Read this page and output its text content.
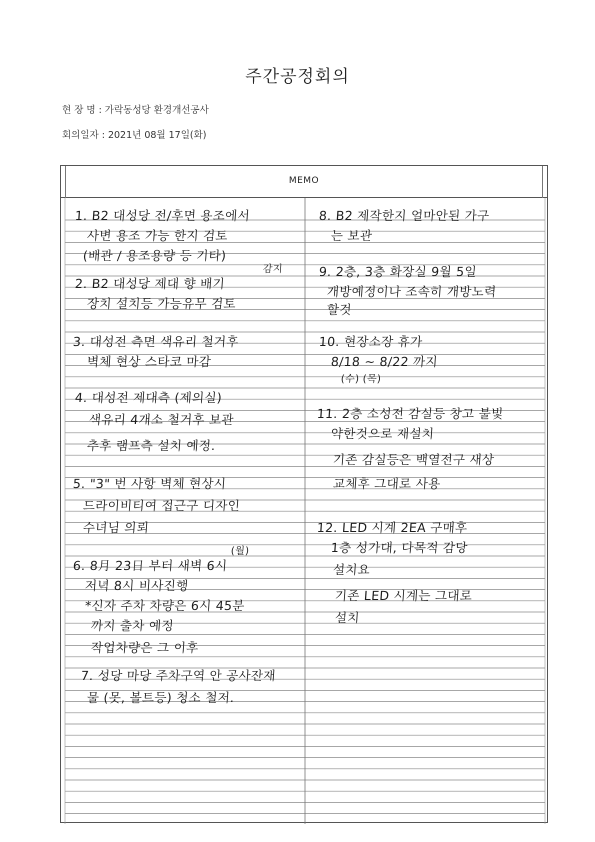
주간공정회의
현 장 명 : 가락동성당 환경개선공사
회의일자 : 2021년 08월 17일(화)
MEMO
1. B2 대성당 전/후면 용조에서
사변 용조 가능 한지 검토
(배관 / 용조용량 등 기타)
감지
2. B2 대성당 제대 향 배기
장치 설치등 가능유무 검토
3. 대성전 측면 색유리 철거후
벽체 현상 스타코 마감
4. 대성전 제대측 (제의실)
색유리 4개소 철거후 보관
추후 램프측 설치 예정.
5. "3" 번 사항 벽체 현상시
드라이비티여 접근구 디자인
수녀님 의뢰
(월)
6. 8月 23日 부터 새벽 6시
저녁 8시 비사진행
*신자 주차 차량은 6시 45분
까지 출차 예정
작업차량은 그 이후
7. 성당 마당 주차구역 안 공사잔재
물 (못, 볼트등) 청소 철저.
8. B2 제작한지 얼마안된 가구
는 보관
9. 2층, 3층 화장실 9월 5일
개방예정이나 조속히 개방노력
할것
10. 현장소장 휴가
8/18 ~ 8/22 까지
(수) (목)
11. 2층 소성전 감실등 창고 불빛
약한것으로 재설치
기존 감실등은 백열전구 새상
교체후 그대로 사용
12. LED 시계 2EA 구매후
1층 성가대, 다목적 감당
설치요
기존 LED 시계는 그대로
설치
